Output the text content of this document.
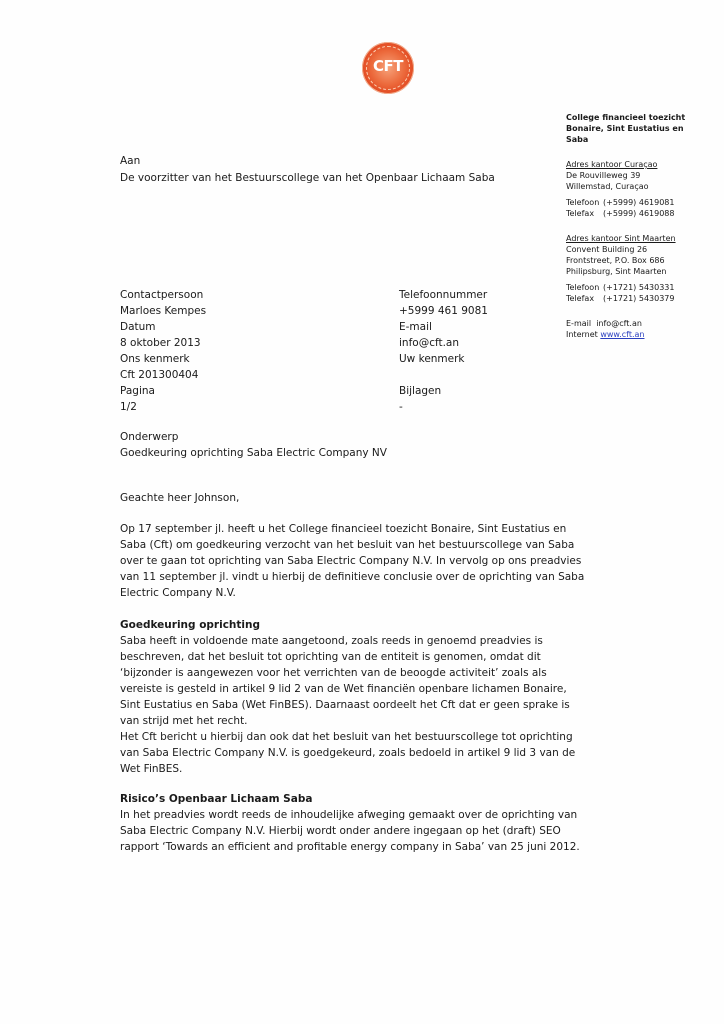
CFT
College financieel toezicht
Bonaire, Sint Eustatius en
Saba
Adres kantoor Curaçao
De Rouvilleweg 39
Willemstad, Curaçao
Telefoon (+5999) 4619081
Telefax	(+5999) 4619088
Adres kantoor Sint Maarten
Convent Building 26
Frontstreet, P.O. Box 686
Philipsburg, Sint Maarten
Telefoon (+1721) 5430331
Telefax	(+1721) 5430379
E-mail info@cft.an
Internet www.cft.an
Aan
De voorzitter van het Bestuurscollege van het Openbaar Lichaam Saba
Contactpersoon
Marloes Kempes
Datum
8 oktober 2013
Ons kenmerk
Cft 201300404
Pagina
1/2
Telefoonnummer
+5999 461 9081
E-mail
info@cft.an
Uw kenmerk
Bijlagen
-
Onderwerp
Goedkeuring oprichting Saba Electric Company NV
Geachte heer Johnson,
Op 17 september jl. heeft u het College financieel toezicht Bonaire, Sint Eustatius en
Saba (Cft) om goedkeuring verzocht van het besluit van het bestuurscollege van Saba
over te gaan tot oprichting van Saba Electric Company N.V. In vervolg op ons preadvies
van 11 september jl. vindt u hierbij de definitieve conclusie over de oprichting van Saba
Electric Company N.V.
Goedkeuring oprichting
Saba heeft in voldoende mate aangetoond, zoals reeds in genoemd preadvies is
beschreven, dat het besluit tot oprichting van de entiteit is genomen, omdat dit
‘bijzonder is aangewezen voor het verrichten van de beoogde activiteit’ zoals als
vereiste is gesteld in artikel 9 lid 2 van de Wet financiën openbare lichamen Bonaire,
Sint Eustatius en Saba (Wet FinBES). Daarnaast oordeelt het Cft dat er geen sprake is
van strijd met het recht.
Het Cft bericht u hierbij dan ook dat het besluit van het bestuurscollege tot oprichting
van Saba Electric Company N.V. is goedgekeurd, zoals bedoeld in artikel 9 lid 3 van de
Wet FinBES.
Risico’s Openbaar Lichaam Saba
In het preadvies wordt reeds de inhoudelijke afweging gemaakt over de oprichting van
Saba Electric Company N.V. Hierbij wordt onder andere ingegaan op het (draft) SEO
rapport ‘Towards an efficient and profitable energy company in Saba’ van 25 juni 2012.
